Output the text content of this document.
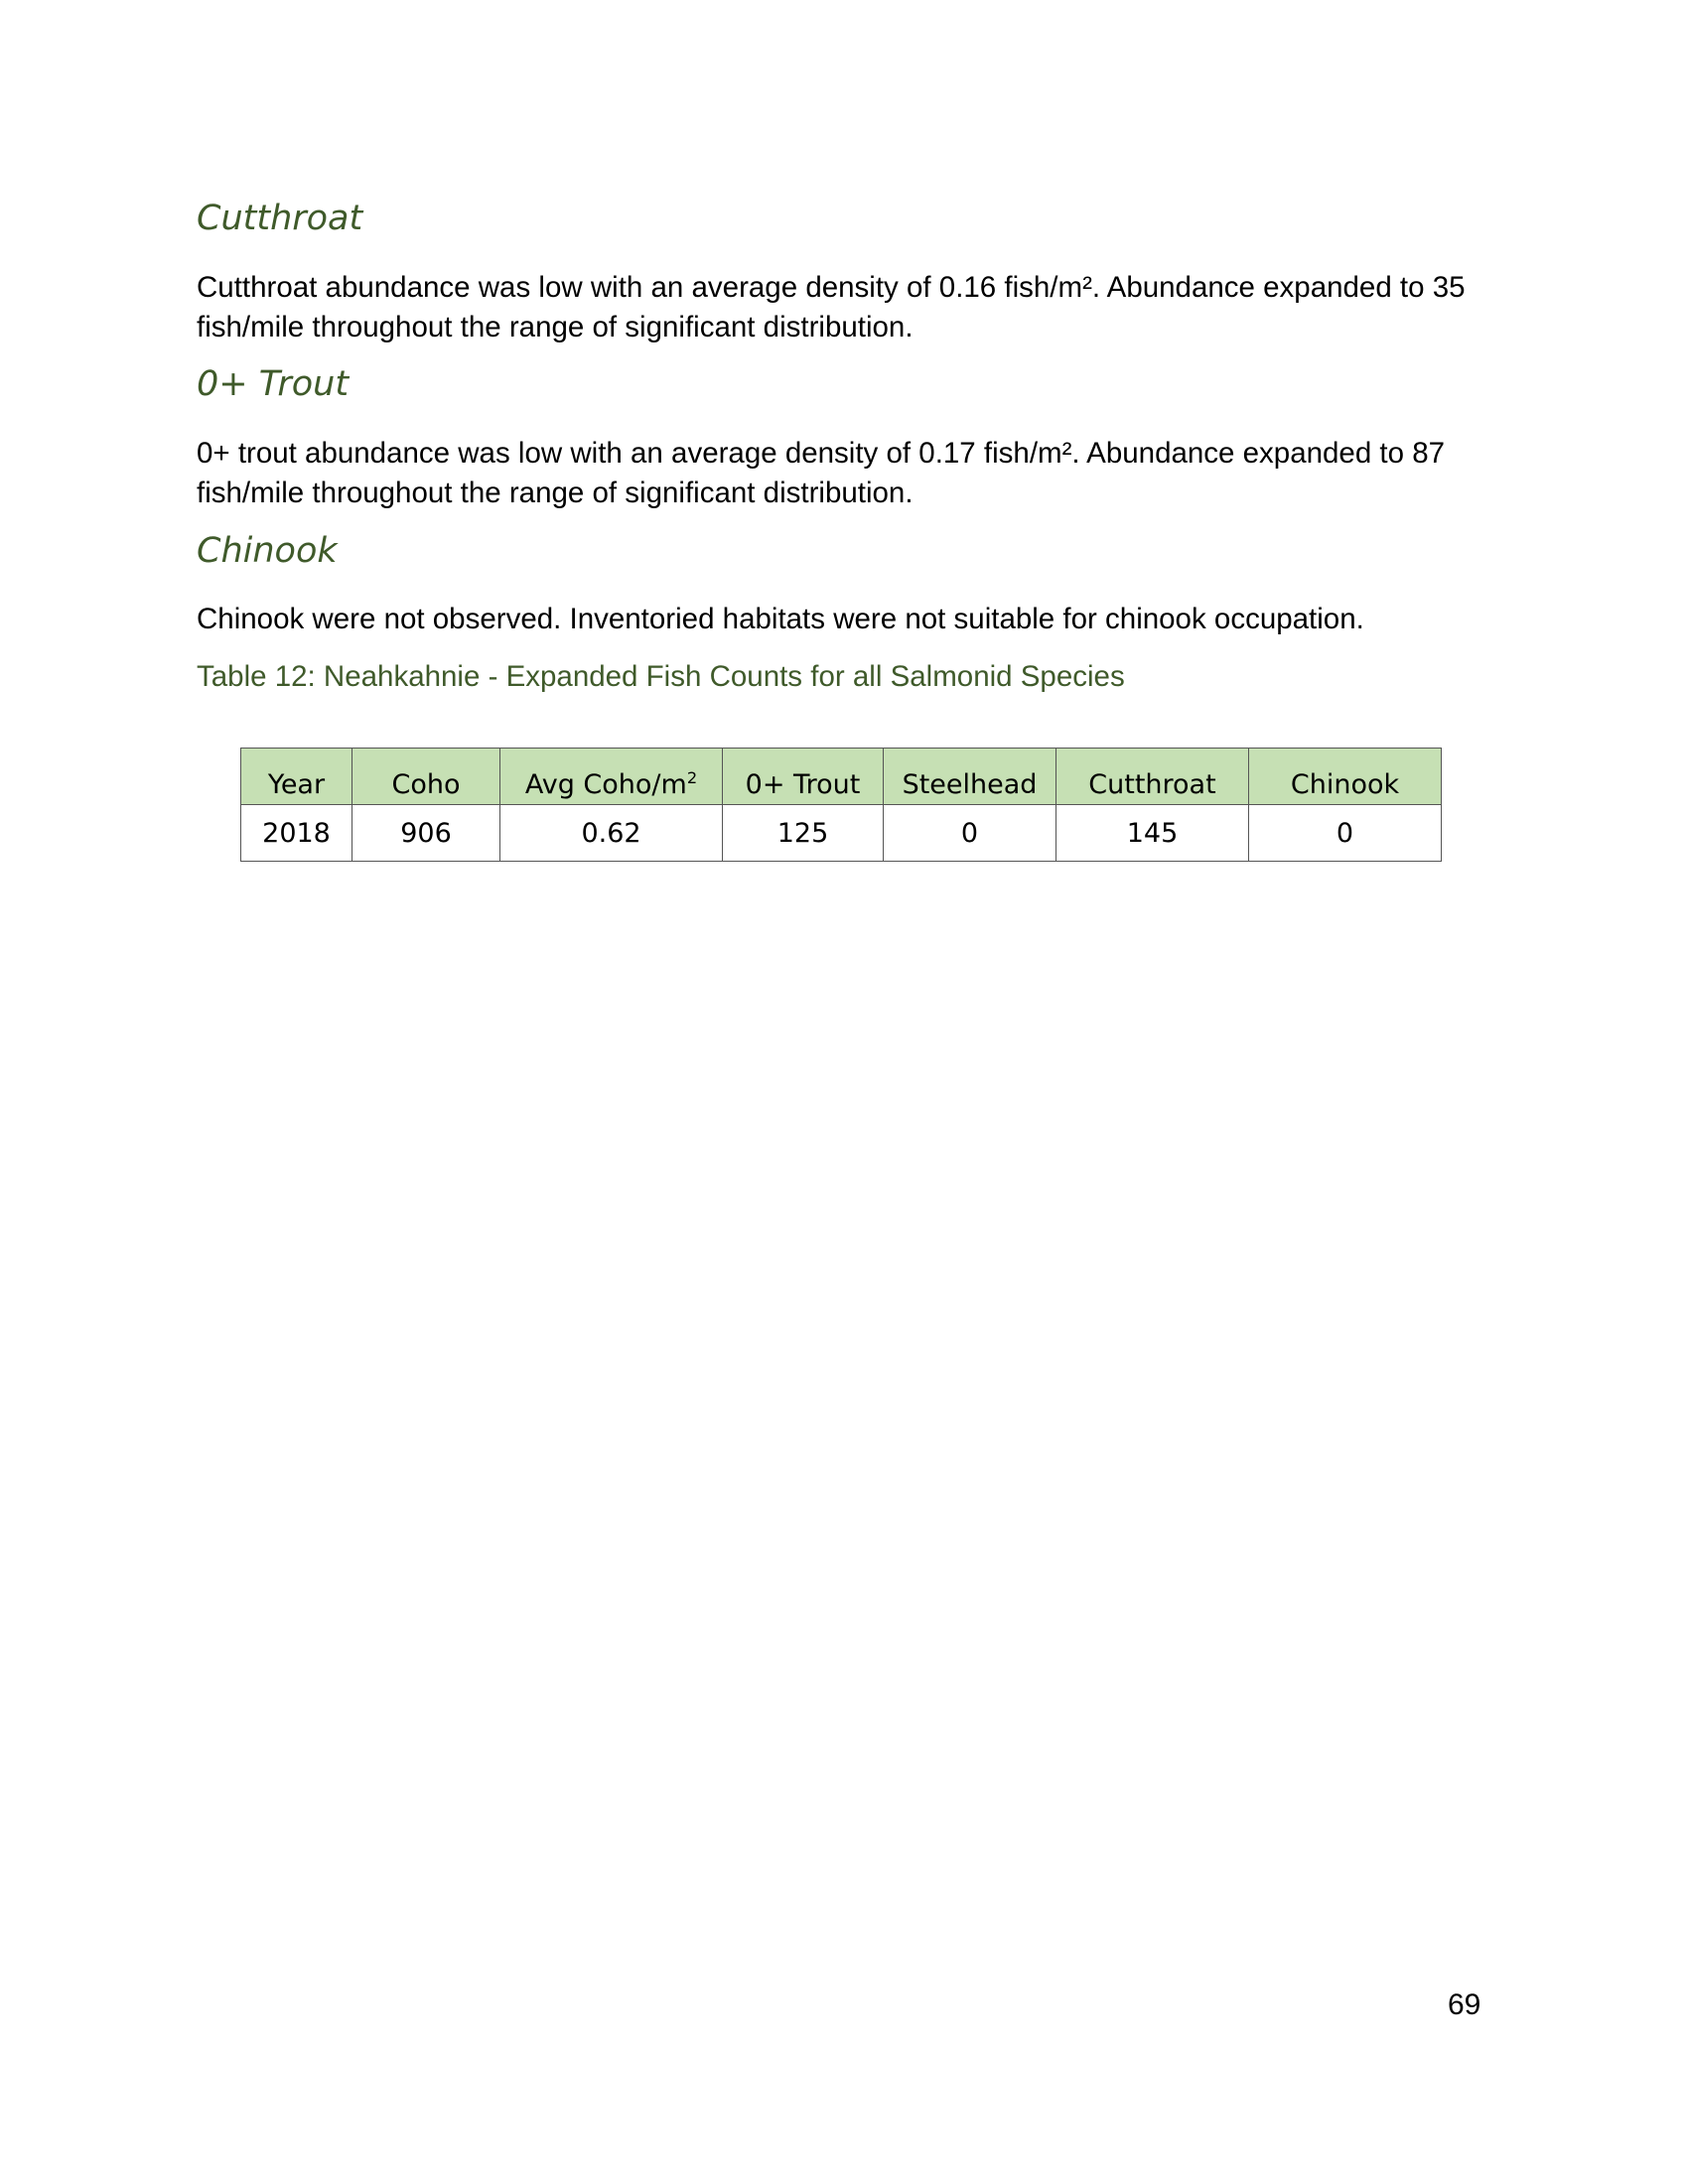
Cutthroat

Cutthroat abundance was low with an average density of 0.16 fish/m². Abundance expanded to 35 fish/mile throughout the range of significant distribution.

0+ Trout

0+ trout abundance was low with an average density of 0.17 fish/m². Abundance expanded to 87 fish/mile throughout the range of significant distribution.

Chinook

Chinook were not observed. Inventoried habitats were not suitable for chinook occupation.

Table 12: Neahkahnie - Expanded Fish Counts for all Salmonid Species

Year	Coho	Avg Coho/$m^2$	0+ Trout	Steelhead	Cutthroat	Chinook
2018	906	0.62	125	0	145	0

69
